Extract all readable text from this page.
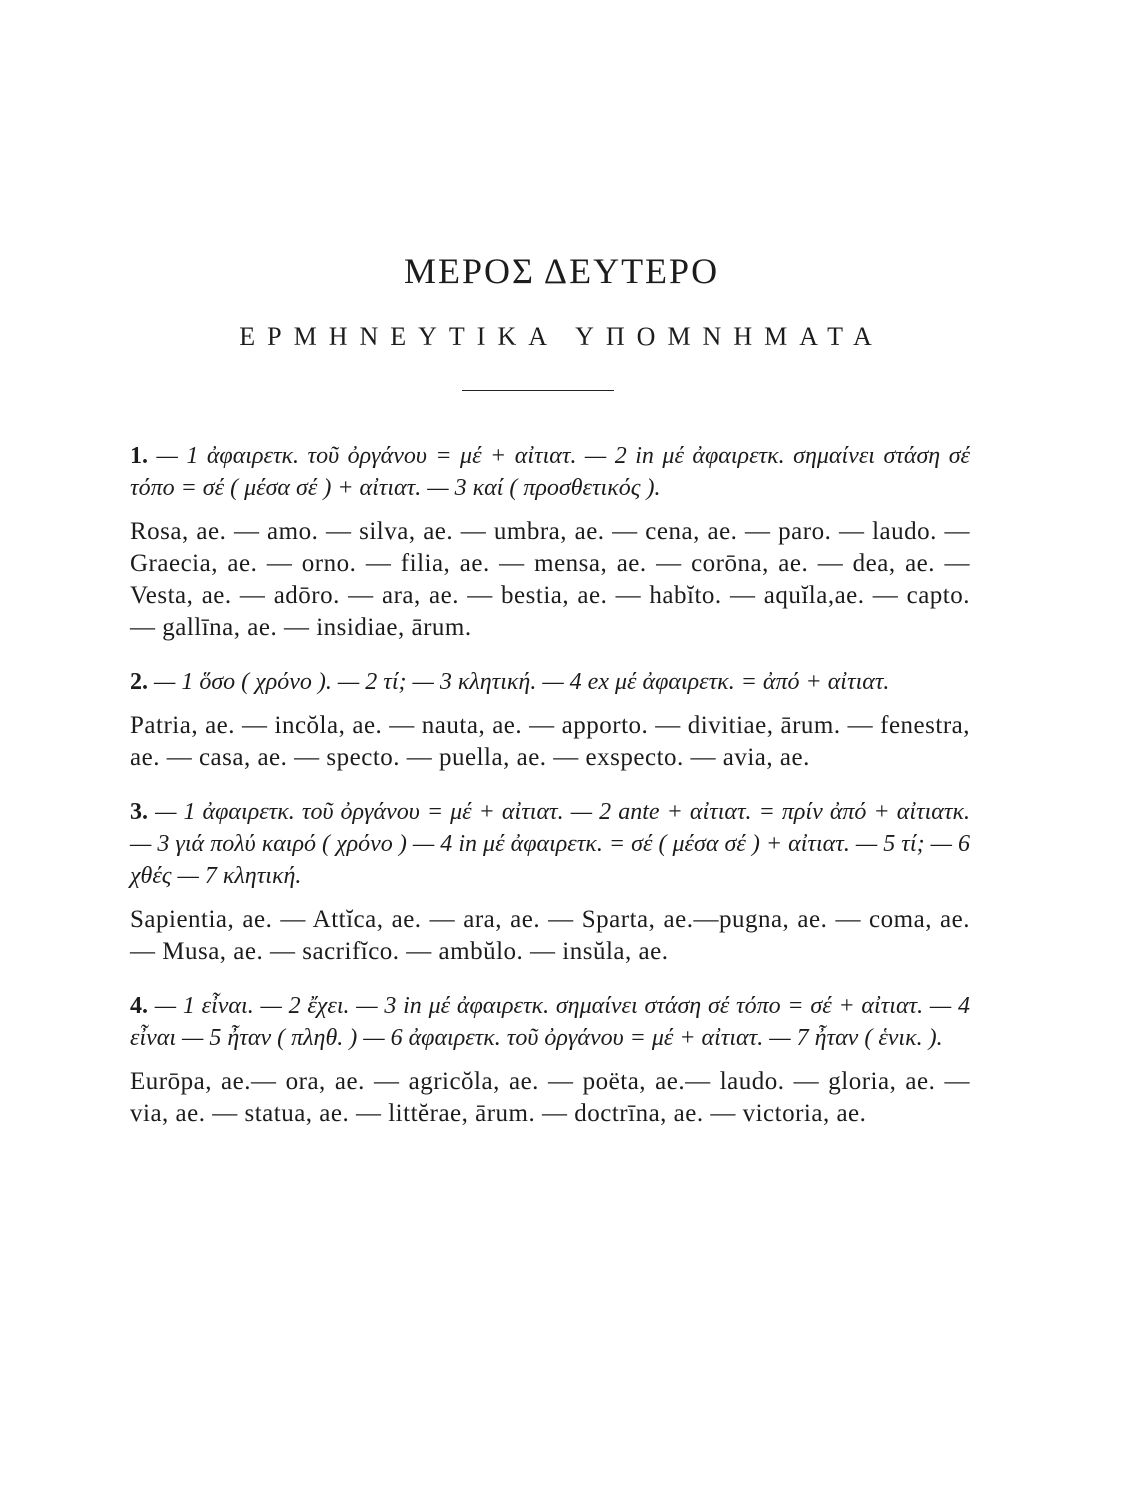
ΜΕΡΟΣ ΔΕΥΤΕΡΟ
ΕΡΜΗΝΕΥΤΙΚΑ ΥΠΟΜΝΗΜΑΤΑ

1. — 1 ἀφαιρετκ. τοῦ ὀργάνου = μέ + αἰτιατ. — 2 in μέ ἀφαιρετκ. σημαίνει στάση σέ τόπο = σέ ( μέσα σέ ) + αἰτιατ. — 3 καί ( προσθετικός ).

Rosa, ae. — amo. — silva, ae. — umbra, ae. — cena, ae. — paro. — laudo. — Graecia, ae. — orno. — filia, ae. — mensa, ae. — corōna, ae. — dea, ae. — Vesta, ae. — adōro. — ara, ae. — bestia, ae. — habĭto. — aquĭla,ae. — capto. — gallīna, ae. — insidiae, ārum.

2. — 1 ὅσο ( χρόνο ). — 2 τί; — 3 κλητική. — 4 ex μέ ἀφαιρετκ. = ἀπό + αἰτιατ.

Patria, ae. — incŏla, ae. — nauta, ae. — apporto. — divitiae, ārum. — fenestra, ae. — casa, ae. — specto. — puella, ae. — exspecto. — avia, ae.

3. — 1 ἀφαιρετκ. τοῦ ὀργάνου = μέ + αἰτιατ. — 2 ante + αἰτιατ. = πρίν ἀπό + αἰτιατκ. — 3 γιά πολύ καιρό ( χρόνο ) — 4 in μέ ἀφαιρετκ. = σέ ( μέσα σέ ) + αἰτιατ. — 5 τί; — 6 χθές — 7 κλητική.

Sapientia, ae. — Attĭca, ae. — ara, ae. — Sparta, ae.—pugna, ae. — coma, ae. — Musa, ae. — sacrifĭco. — ambŭlo. — insŭla, ae.

4. — 1 εἶναι. — 2 ἔχει. — 3 in μέ ἀφαιρετκ. σημαίνει στάση σέ τόπο = σέ + αἰτιατ. — 4 εἶναι — 5 ἦταν ( πληθ. ) — 6 ἀφαιρετκ. τοῦ ὀργάνου = μέ + αἰτιατ. — 7 ἦταν ( ἑνικ. ).

Eurōpa, ae.— ora, ae. — agricŏla, ae. — poëta, ae.— laudo. — gloria, ae. — via, ae. — statua, ae. — littĕrae, ārum. — doctrīna, ae. — victoria, ae.
